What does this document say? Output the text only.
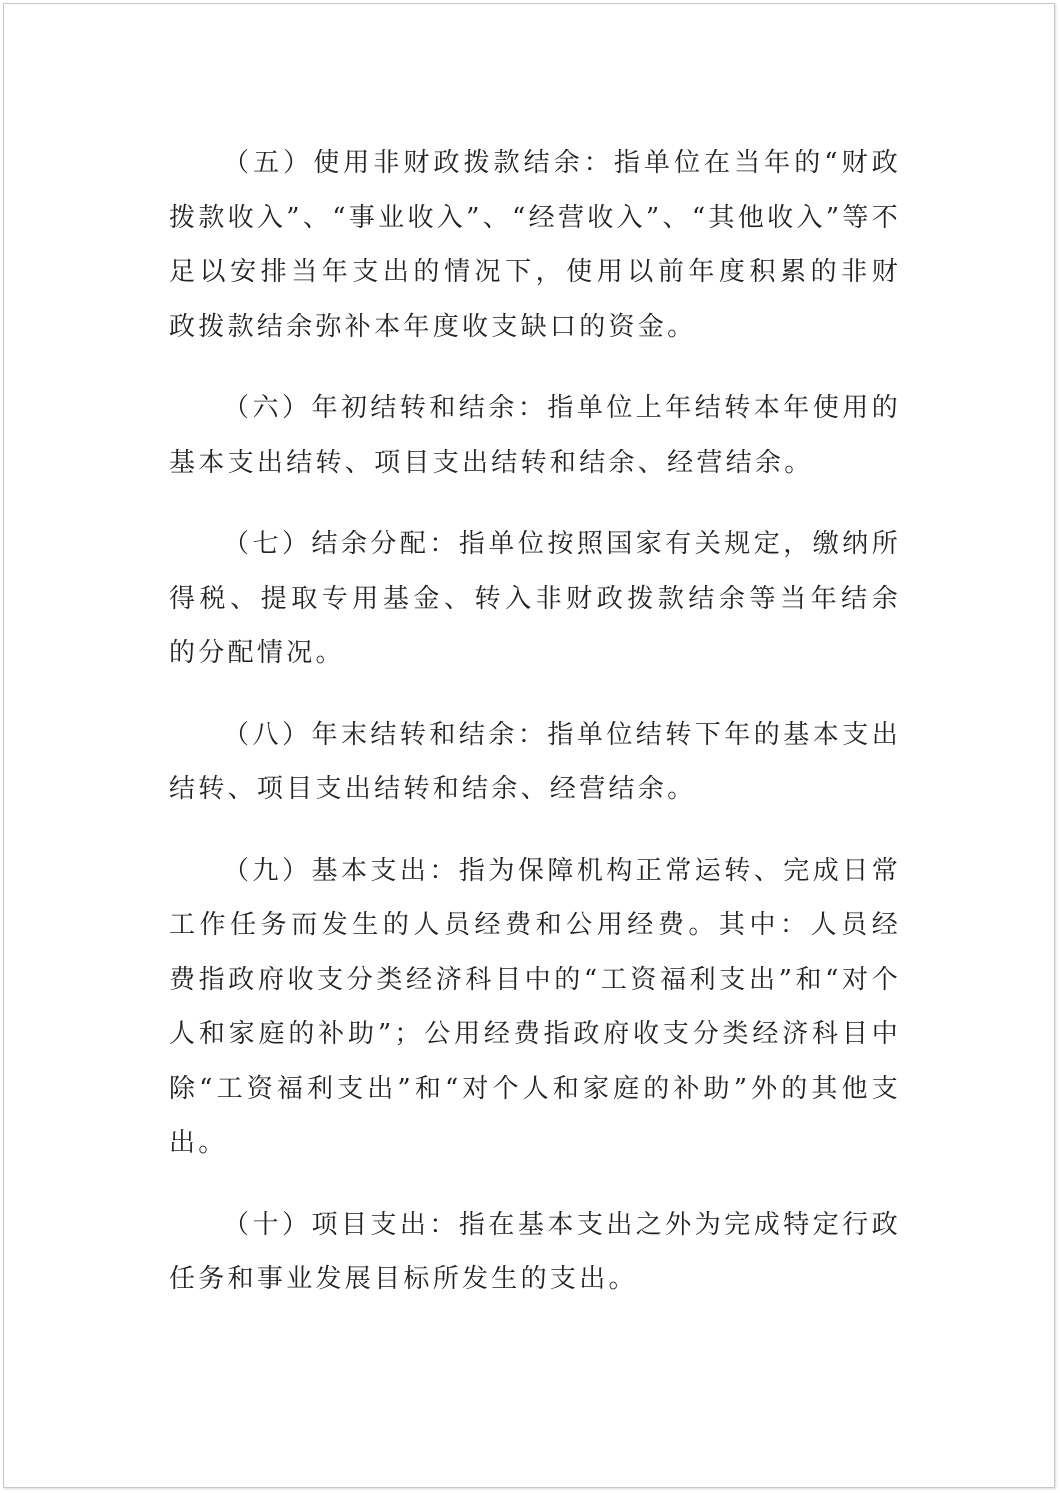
（五）使用非财政拨款结余：指单位在当年的“财政拨款收入”、“事业收入”、“经营收入”、“其他收入”等不足以安排当年支出的情况下，使用以前年度积累的非财政拨款结余弥补本年度收支缺口的资金。

（六）年初结转和结余：指单位上年结转本年使用的基本支出结转、项目支出结转和结余、经营结余。

（七）结余分配：指单位按照国家有关规定，缴纳所得税、提取专用基金、转入非财政拨款结余等当年结余的分配情况。

（八）年末结转和结余：指单位结转下年的基本支出结转、项目支出结转和结余、经营结余。

（九）基本支出：指为保障机构正常运转、完成日常工作任务而发生的人员经费和公用经费。其中：人员经费指政府收支分类经济科目中的“工资福利支出”和“对个人和家庭的补助”；公用经费指政府收支分类经济科目中除“工资福利支出”和“对个人和家庭的补助”外的其他支出。

（十）项目支出：指在基本支出之外为完成特定行政任务和事业发展目标所发生的支出。
